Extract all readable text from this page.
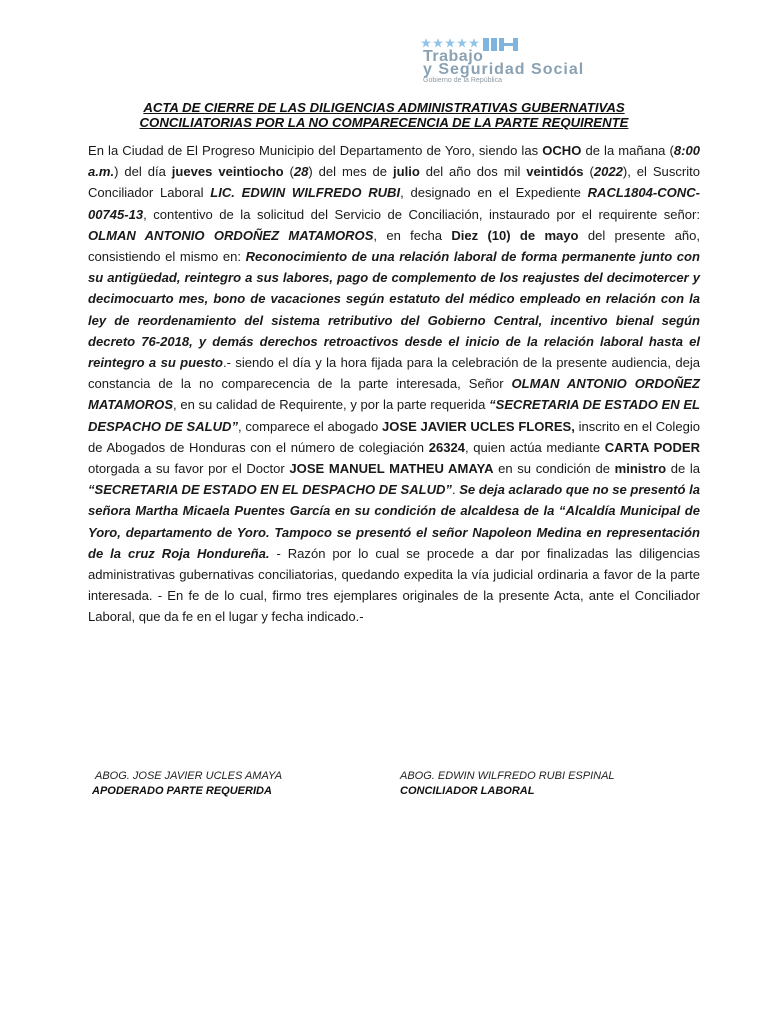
Trabajo
y Seguridad Social
Gobierno de la República
ACTA DE CIERRE DE LAS DILIGENCIAS ADMINISTRATIVAS GUBERNATIVAS
CONCILIATORIAS POR LA NO COMPARECENCIA DE LA PARTE REQUIRENTE
En la Ciudad de El Progreso Municipio del Departamento de Yoro, siendo las OCHO de la mañana (8:00 a.m.) del día jueves veintiocho (28) del mes de julio del año dos mil veintidós (2022), el Suscrito Conciliador Laboral LIC. EDWIN WILFREDO RUBI, designado en el Expediente RACL1804-CONC-00745-13, contentivo de la solicitud del Servicio de Conciliación, instaurado por el requirente señor: OLMAN ANTONIO ORDOÑEZ MATAMOROS, en fecha Diez (10) de mayo del presente año, consistiendo el mismo en: Reconocimiento de una relación laboral de forma permanente junto con su antigüedad, reintegro a sus labores, pago de complemento de los reajustes del decimotercer y decimocuarto mes, bono de vacaciones según estatuto del médico empleado en relación con la ley de reordenamiento del sistema retributivo del Gobierno Central, incentivo bienal según decreto 76-2018, y demás derechos retroactivos desde el inicio de la relación laboral hasta el reintegro a su puesto.- siendo el día y la hora fijada para la celebración de la presente audiencia, deja constancia de la no comparecencia de la parte interesada, Señor OLMAN ANTONIO ORDOÑEZ MATAMOROS, en su calidad de Requirente, y por la parte requerida “SECRETARIA DE ESTADO EN EL DESPACHO DE SALUD”, comparece el abogado JOSE JAVIER UCLES FLORES, inscrito en el Colegio de Abogados de Honduras con el número de colegiación 26324, quien actúa mediante CARTA PODER otorgada a su favor por el Doctor JOSE MANUEL MATHEU AMAYA en su condición de ministro de la “SECRETARIA DE ESTADO EN EL DESPACHO DE SALUD”. Se deja aclarado que no se presentó la señora Martha Micaela Puentes García en su condición de alcaldesa de la “Alcaldía Municipal de Yoro, departamento de Yoro. Tampoco se presentó el señor Napoleon Medina en representación de la cruz Roja Hondureña. - Razón por lo cual se procede a dar por finalizadas las diligencias administrativas gubernativas conciliatorias, quedando expedita la vía judicial ordinaria a favor de la parte interesada. - En fe de lo cual, firmo tres ejemplares originales de la presente Acta, ante el Conciliador Laboral, que da fe en el lugar y fecha indicado.-
ABOG. JOSE JAVIER UCLES AMAYA
APODERADO PARTE REQUERIDA
ABOG. EDWIN WILFREDO RUBI ESPINAL
CONCILIADOR LABORAL
